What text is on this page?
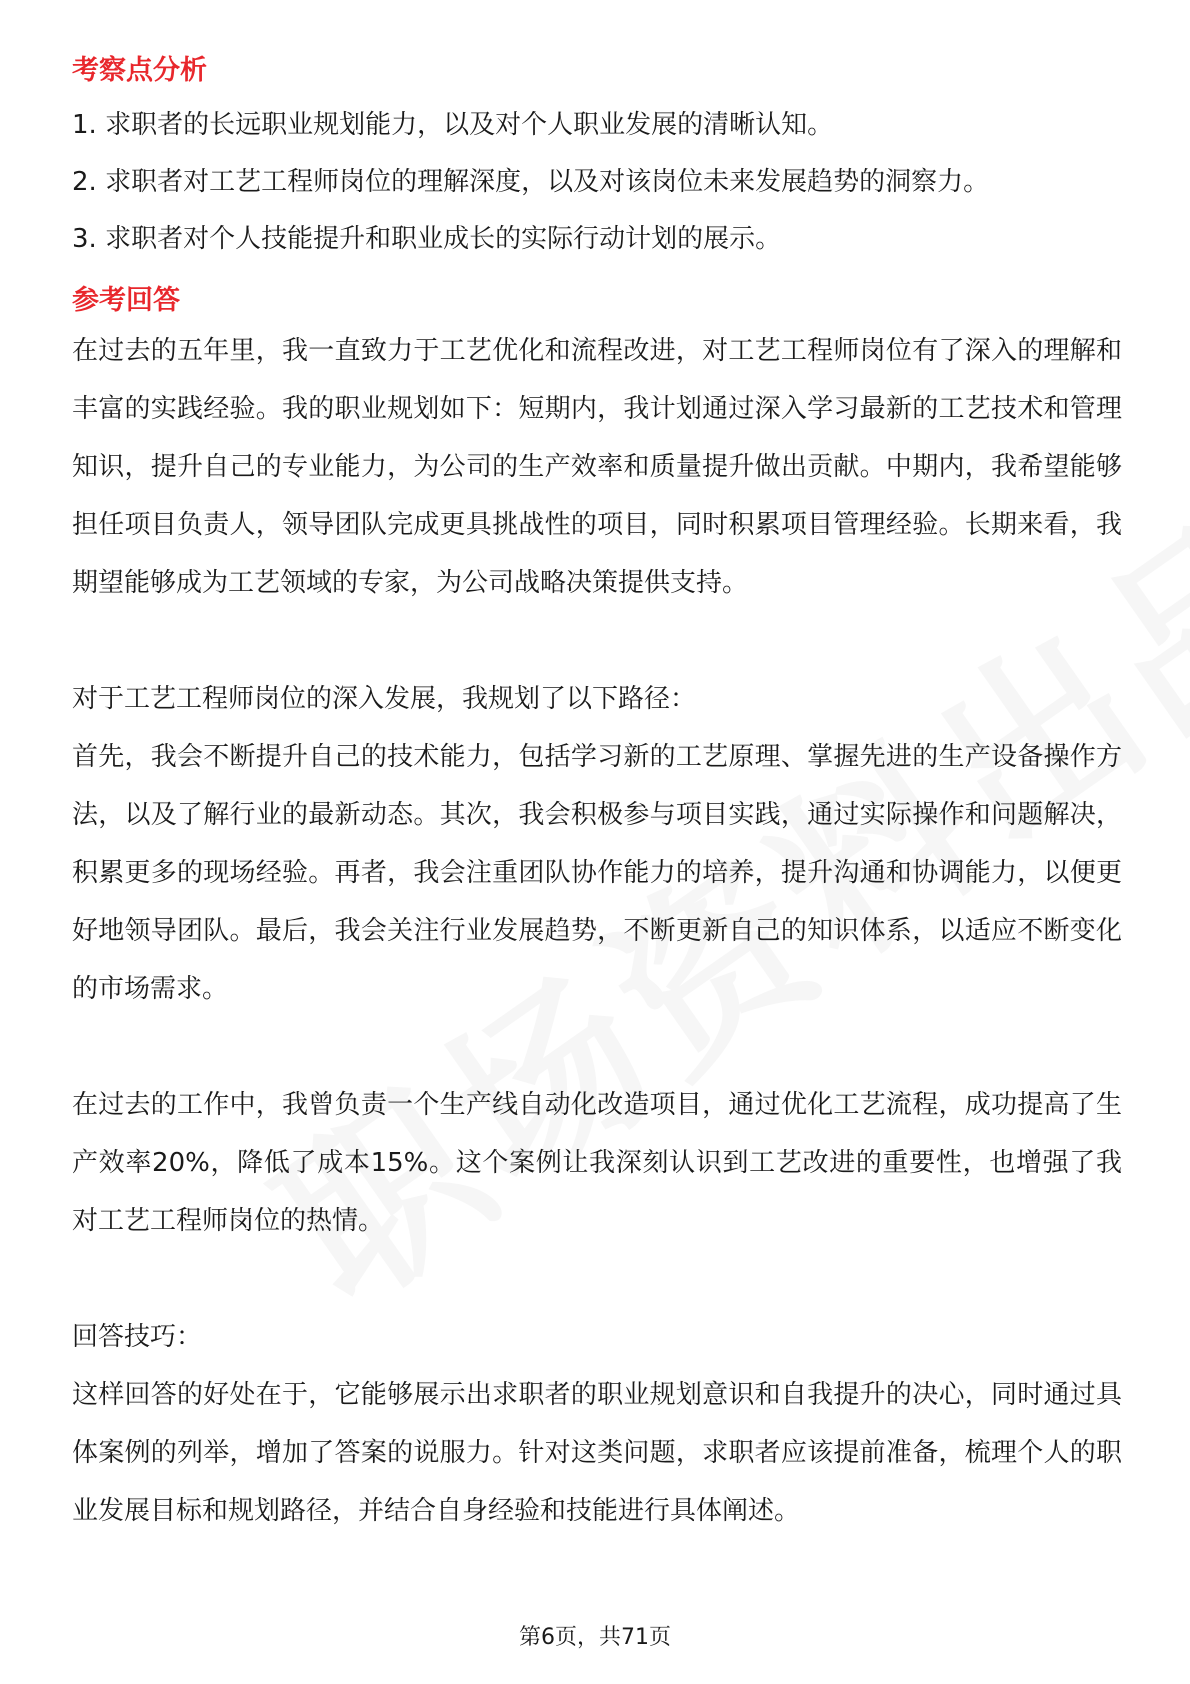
考察点分析

1. 求职者的长远职业规划能力，以及对个人职业发展的清晰认知。

2. 求职者对工艺工程师岗位的理解深度，以及对该岗位未来发展趋势的洞察力。

3. 求职者对个人技能提升和职业成长的实际行动计划的展示。

参考回答

在过去的五年里，我一直致力于工艺优化和流程改进，对工艺工程师岗位有了深入的理解和丰富的实践经验。我的职业规划如下：短期内，我计划通过深入学习最新的工艺技术和管理知识，提升自己的专业能力，为公司的生产效率和质量提升做出贡献。中期内，我希望能够担任项目负责人，领导团队完成更具挑战性的项目，同时积累项目管理经验。长期来看，我期望能够成为工艺领域的专家，为公司战略决策提供支持。

对于工艺工程师岗位的深入发展，我规划了以下路径：

首先，我会不断提升自己的技术能力，包括学习新的工艺原理、掌握先进的生产设备操作方法，以及了解行业的最新动态。其次，我会积极参与项目实践，通过实际操作和问题解决，积累更多的现场经验。再者，我会注重团队协作能力的培养，提升沟通和协调能力，以便更好地领导团队。最后，我会关注行业发展趋势，不断更新自己的知识体系，以适应不断变化的市场需求。

在过去的工作中，我曾负责一个生产线自动化改造项目，通过优化工艺流程，成功提高了生产效率20%，降低了成本15%。这个案例让我深刻认识到工艺改进的重要性，也增强了我对工艺工程师岗位的热情。

回答技巧：

这样回答的好处在于，它能够展示出求职者的职业规划意识和自我提升的决心，同时通过具体案例的列举，增加了答案的说服力。针对这类问题，求职者应该提前准备，梳理个人的职业发展目标和规划路径，并结合自身经验和技能进行具体阐述。

第6页，共71页
